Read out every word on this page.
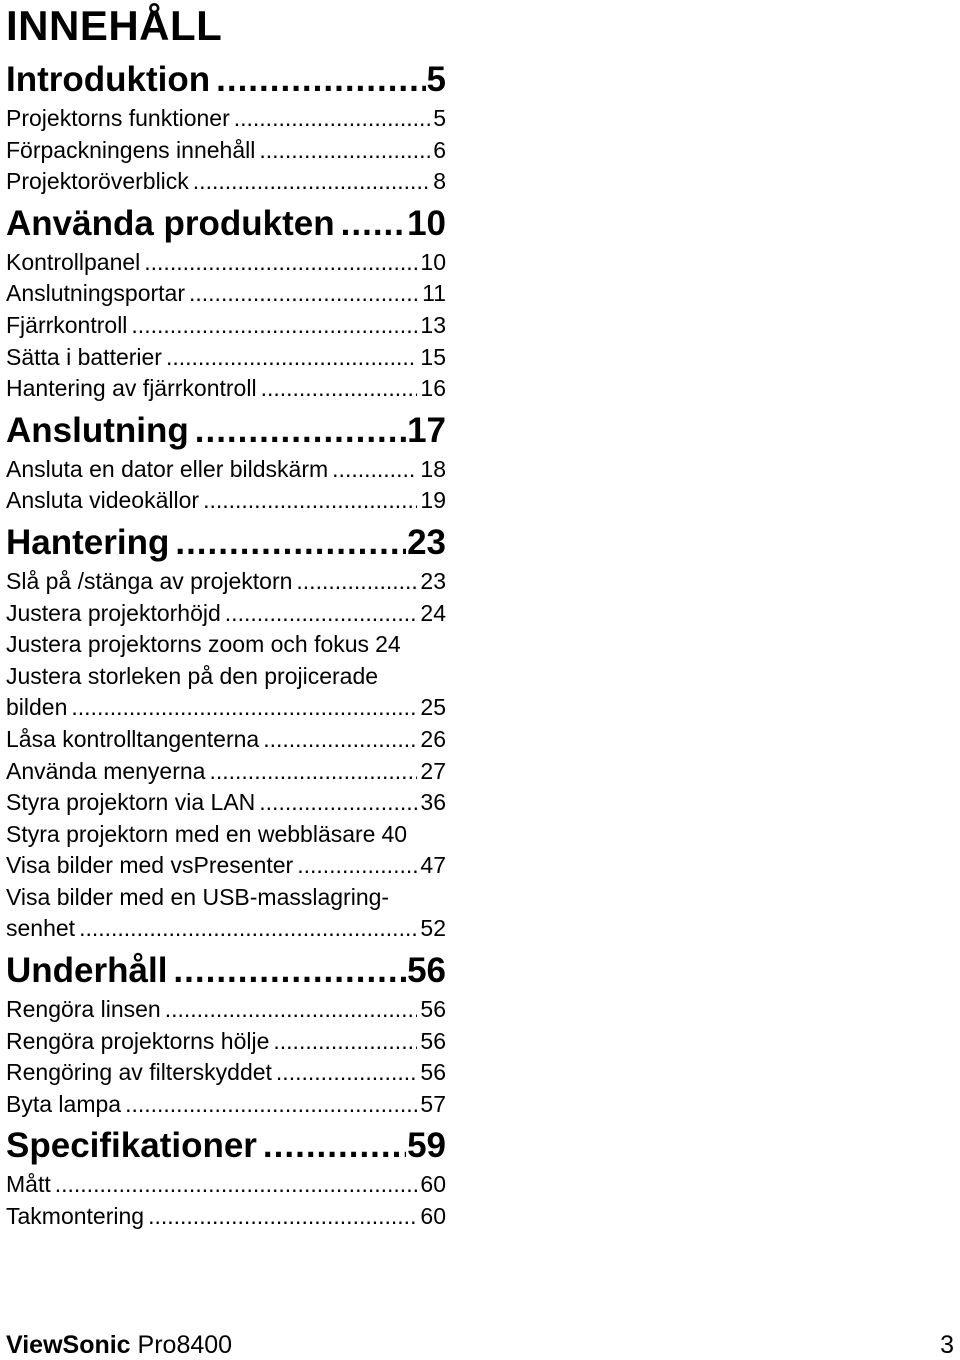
INNEHÅLL
Introduktion .....	5
Projektorns funktioner .....	5
Förpackningens innehåll .....	6
Projektoröverblick .....	8
Använda produkten ..... 10
Kontrollpanel .....	10
Anslutningsportar .....	11
Fjärrkontroll .....	13
Sätta i batterier .....	15
Hantering av fjärrkontroll .....	16
Anslutning .....	17
Ansluta en dator eller bildskärm .....	18
Ansluta videokällor .....	19
Hantering .....	23
Slå på /stänga av projektorn .....	23
Justera projektorhöjd .....	24
Justera projektorns zoom och fokus 24
Justera storleken på den projicerade
bilden .....	25
Låsa kontrolltangenterna .....	26
Använda menyerna .....	27
Styra projektorn via LAN .....	36
Styra projektorn med en webbläsare 40
Visa bilder med vsPresenter .....	47
Visa bilder med en USB-masslagring-
senhet .....	52
Underhåll .....	56
Rengöra linsen .....	56
Rengöra projektorns hölje .....	56
Rengöring av filterskyddet .....	56
Byta lampa .....	57
Specifikationer .....	59
Mått .....	60
Takmontering .....	60
ViewSonic Pro8400	3
